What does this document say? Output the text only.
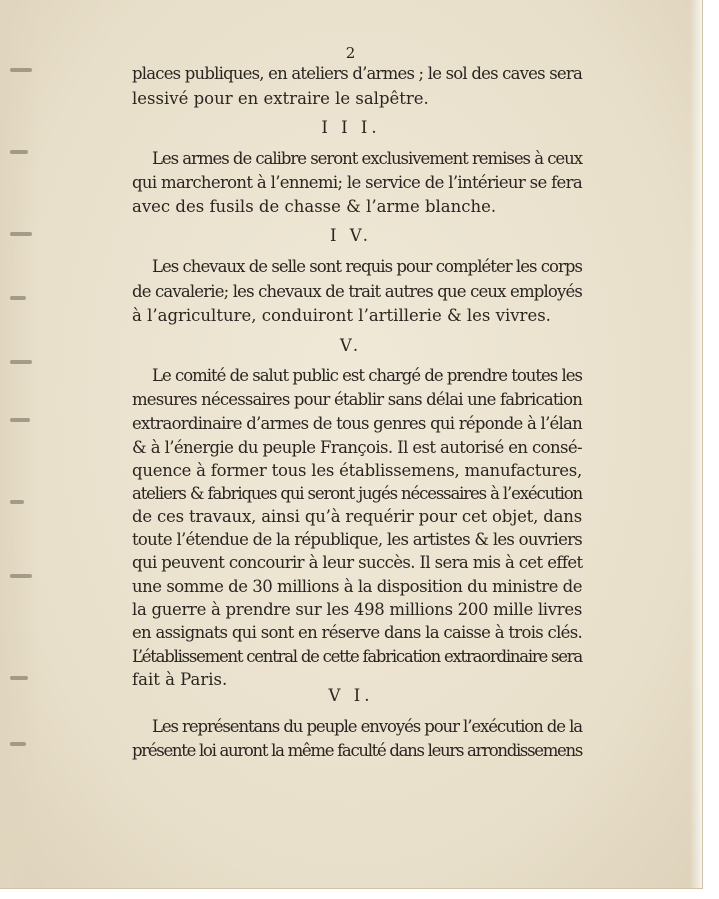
2
places publiques, en ateliers d’armes ; le sol des caves sera
lessivé pour en extraire le salpêtre.
I I I.
Les armes de calibre seront exclusivement remises à ceux
qui marcheront à l’ennemi; le service de l’intérieur se fera
avec des fusils de chasse & l’arme blanche.
I V.
Les chevaux de selle sont requis pour compléter les corps
de cavalerie; les chevaux de trait autres que ceux employés
à l’agriculture, conduiront l’artillerie & les vivres.
V.
Le comité de salut public est chargé de prendre toutes les
mesures nécessaires pour établir sans délai une fabrication
extraordinaire d’armes de tous genres qui réponde à l’élan
& à l’énergie du peuple François. Il est autorisé en consé-
quence à former tous les établissemens, manufactures,
ateliers & fabriques qui seront jugés nécessaires à l’exécution
de ces travaux, ainsi qu’à requérir pour cet objet, dans
toute l’étendue de la république, les artistes & les ouvriers
qui peuvent concourir à leur succès. Il sera mis à cet effet
une somme de 30 millions à la disposition du ministre de
la guerre à prendre sur les 498 millions 200 mille livres
en assignats qui sont en réserve dans la caisse à trois clés.
L’établissement central de cette fabrication extraordinaire sera
fait à Paris.
V I.
Les représentans du peuple envoyés pour l’exécution de la
présente loi auront la même faculté dans leurs arrondissemens
